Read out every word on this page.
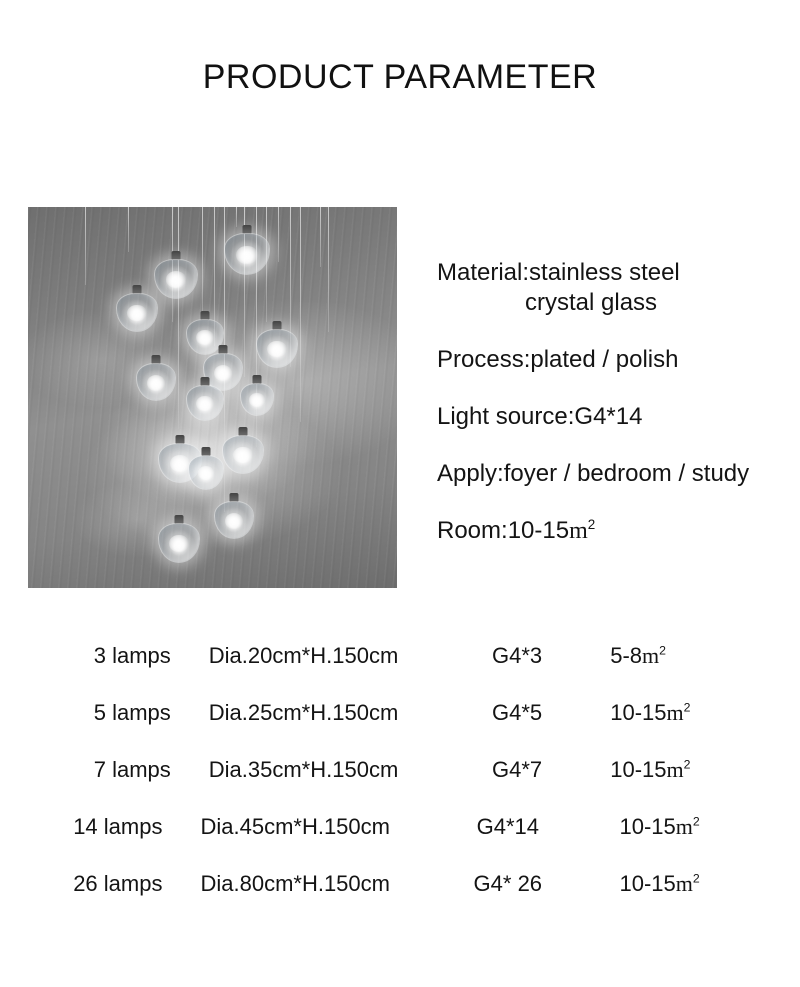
PRODUCT PARAMETER
Material:stainless steel
crystal glass
Process:plated / polish
Light source:G4*14
Apply:foyer / bedroom / study
$Room:10-15m^2$
3 lamps	Dia.20cm*H.150cm	G4*3	$5-8m^2$
5 lamps	Dia.25cm*H.150cm	G4*5	$10-15m^2$
7 lamps	Dia.35cm*H.150cm	G4*7	$10-15m^2$
14 lamps	Dia.45cm*H.150cm	G4*14	$10-15m^2$
26 lamps	Dia.80cm*H.150cm	G4* 26	$10-15m^2$
